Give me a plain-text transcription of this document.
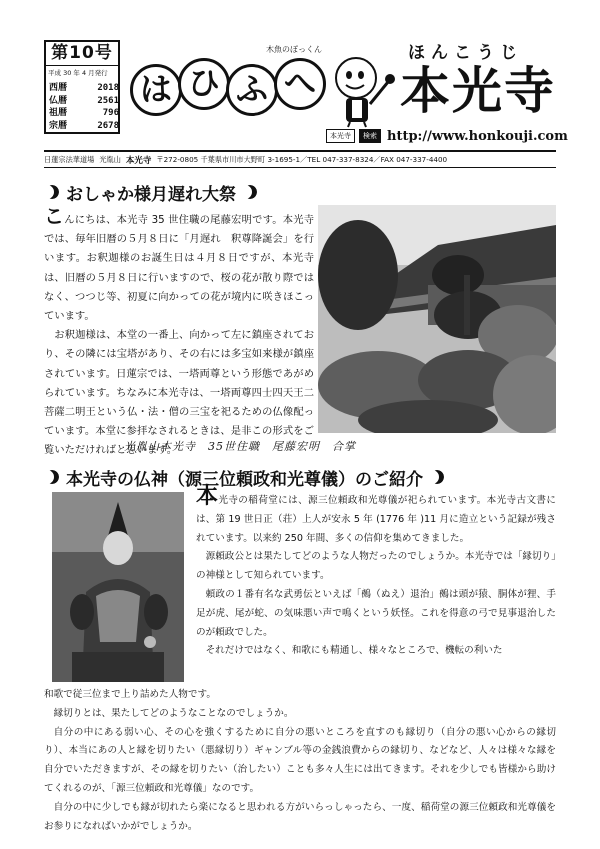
第10号
平成 30 年 4 月発行
西暦	2018
仏暦	2561
祖暦	796
宗暦	2678
は ひ ふ へ
木魚のぽっくん	ほんこうじ
本光寺
本光寺	検索 http://www.honkouji.com
日蓮宗法華道場 光胤山 本光寺 〒272-0805 千葉県市川市大野町 3-1695-1／TEL 047-337-8324／FAX 047-337-4400
おしゃか様月遅れ大祭

こんにちは、本光寺 35 世住職の尾藤宏明です。本光寺では、毎年旧暦の５月８日に「月遅れ　釈尊降誕会」を行います。お釈迦様のお誕生日は４月８日ですが、本光寺は、旧暦の５月８日に行いますので、桜の花が散り際ではなく、つつじ等、初夏に向かっての花が境内に咲きほこっています。

お釈迦様は、本堂の一番上、向かって左に鎮座されており、その隣には宝塔があり、その右には多宝如来様が鎮座されています。日蓮宗では、一塔両尊という形態であがめられています。ちなみに本光寺は、一塔両尊四士四天王二菩薩二明王という仏・法・僧の三宝を祀るための仏像配っています。本堂に参拝なされるときは、是非この形式をご覧いただければと思います。

光胤山本光寺　35世住職　尾藤宏明　合掌
本光寺の仏神（源三位頼政和光尊儀）のご紹介

本光寺の稲荷堂には、源三位頼政和光尊儀が祀られています。本光寺古文書には、第 19 世日正（荘）上人が安永 5 年 (1776 年 )11 月に造立という記録が残されています。以来約 250 年間、多くの信仰を集めてきました。

源頼政公とは果たしてどのような人物だったのでしょうか。本光寺では「縁切り」の神様として知られています。

頼政の１番有名な武勇伝といえば「鵺（ぬえ）退治」鵺は頭が猿、胴体が狸、手足が虎、尾が蛇、の気味悪い声で鳴くという妖怪。これを得意の弓で見事退治したのが頼政でした。

それだけではなく、和歌にも精通し、様々なところで、機転の利いた

和歌で従三位まで上り詰めた人物です。

縁切りとは、果たしてどのようなことなのでしょうか。

自分の中にある弱い心、その心を強くするために自分の悪いところを直すのも縁切り（自分の悪い心からの縁切り）、本当にあの人と縁を切りたい（悪縁切り）ギャンブル等の金銭浪費からの縁切り、などなど、人々は様々な縁を自分でいただきますが、その縁を切りたい（治したい）ことも多々人生には出てきます。それを少しでも皆様から助けてくれるのが、「源三位頼政和光尊儀」なのです。

自分の中に少しでも縁が切れたら楽になると思われる方がいらっしゃったら、一度、稲荷堂の源三位頼政和光尊儀をお参りになればいかがでしょうか。
